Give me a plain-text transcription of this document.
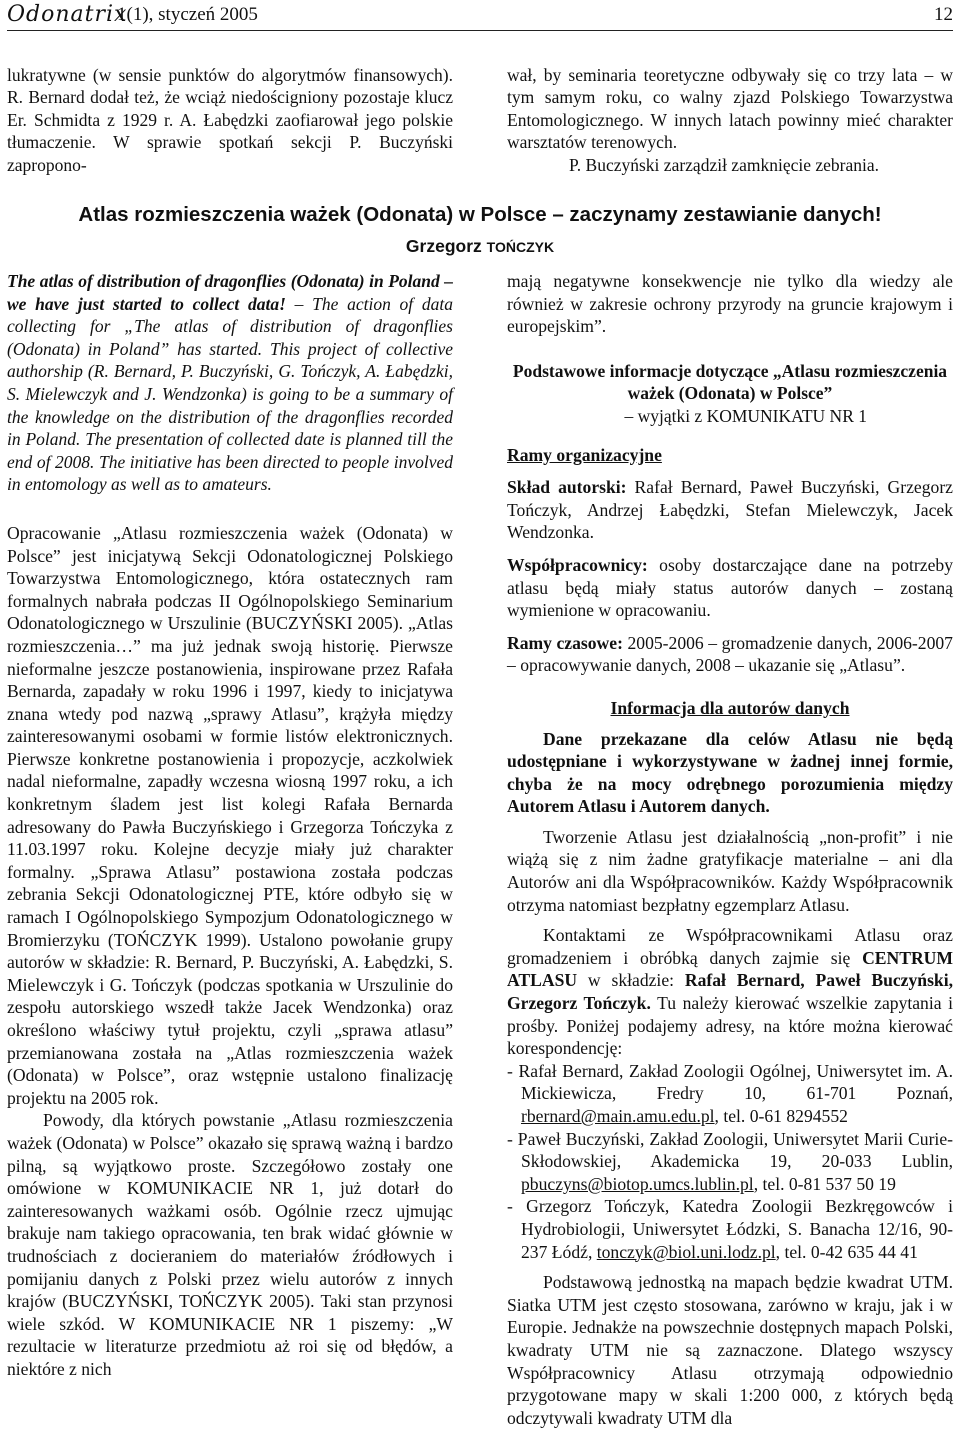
Odonatrix
1(1), styczeń 2005	12

lukratywne (w sensie punktów do algorytmów finansowych). R. Bernard dodał też, że wciąż niedościgniony pozostaje klucz Er. Schmidta z 1929 r. A. Łabędzki zaofiarował jego polskie tłumaczenie. W sprawie spotkań sekcji P. Buczyński zapropono-

wał, by seminaria teoretyczne odbywały się co trzy lata – w tym samym roku, co walny zjazd Polskiego Towarzystwa Entomologicznego. W innych latach powinny mieć charakter warsztatów terenowych.

P. Buczyński zarządził zamknięcie zebrania.

Atlas rozmieszczenia ważek (Odonata) w Polsce – zaczynamy zestawianie danych!
Grzegorz TOŃCZYK

The atlas of distribution of dragonflies (Odonata) in Poland – we have just started to collect data! – The action of data collecting for „The atlas of distribution of dragonflies (Odonata) in Poland” has started. This project of collective authorship (R. Bernard, P. Buczyński, G. Tończyk, A. Łabędzki, S. Mielewczyk and J. Wendzonka) is going to be a summary of the knowledge on the distribution of the dragonflies recorded in Poland. The presentation of collected date is planned till the end of 2008. The initiative has been directed to people involved in entomology as well as to amateurs.

Opracowanie „Atlasu rozmieszczenia ważek (Odonata) w Polsce” jest inicjatywą Sekcji Odonatologicznej Polskiego Towarzystwa Entomologicznego, która ostatecznych ram formalnych nabrała podczas II Ogólnopolskiego Seminarium Odonatologicznego w Urszulinie (BUCZYŃSKI 2005). „Atlas rozmieszczenia…” ma już jednak swoją historię. Pierwsze nieformalne jeszcze postanowienia, inspirowane przez Rafała Bernarda, zapadały w roku 1996 i 1997, kiedy to inicjatywa znana wtedy pod nazwą „sprawy Atlasu”, krążyła między zainteresowanymi osobami w formie listów elektronicznych. Pierwsze konkretne postanowienia i propozycje, aczkolwiek nadal nieformalne, zapadły wczesna wiosną 1997 roku, a ich konkretnym śladem jest list kolegi Rafała Bernarda adresowany do Pawła Buczyńskiego i Grzegorza Tończyka z 11.03.1997 roku. Kolejne decyzje miały już charakter formalny. „Sprawa Atlasu” postawiona została podczas zebrania Sekcji Odonatologicznej PTE, które odbyło się w ramach I Ogólnopolskiego Sympozjum Odonatologicznego w Bromierzyku (TOŃCZYK 1999). Ustalono powołanie grupy autorów w składzie: R. Bernard, P. Buczyński, A. Łabędzki, S. Mielewczyk i G. Tończyk (podczas spotkania w Urszulinie do zespołu autorskiego wszedł także Jacek Wendzonka) oraz określono właściwy tytuł projektu, czyli „sprawa atlasu” przemianowana została na „Atlas rozmieszczenia ważek (Odonata) w Polsce”, oraz wstępnie ustalono finalizację projektu na 2005 rok.

Powody, dla których powstanie „Atlasu rozmieszczenia ważek (Odonata) w Polsce” okazało się sprawą ważną i bardzo pilną, są wyjątkowo proste. Szczegółowo zostały one omówione w KOMUNIKACIE NR 1, już dotarł do zainteresowanych ważkami osób. Ogólnie rzecz ujmując brakuje nam takiego opracowania, ten brak widać głównie w trudnościach z docieraniem do materiałów źródłowych i pomijaniu danych z Polski przez wielu autorów z innych krajów (BUCZYŃSKI, TOŃCZYK 2005). Taki stan przynosi wiele szkód. W KOMUNIKACIE NR 1 piszemy: „W rezultacie w literaturze przedmiotu aż roi się od błędów, a niektóre z nich

mają negatywne konsekwencje nie tylko dla wiedzy ale również w zakresie ochrony przyrody na gruncie krajowym i europejskim”.

Podstawowe informacje dotyczące „Atlasu rozmieszczenia ważek (Odonata) w Polsce”

– wyjątki z KOMUNIKATU NR 1

Ramy organizacyjne

Skład autorski: Rafał Bernard, Paweł Buczyński, Grzegorz Tończyk, Andrzej Łabędzki, Stefan Mielewczyk, Jacek Wendzonka.

Współpracownicy: osoby dostarczające dane na potrzeby atlasu będą miały status autorów danych – zostaną wymienione w opracowaniu.

Ramy czasowe: 2005-2006 – gromadzenie danych, 2006-2007 – opracowywanie danych, 2008 – ukazanie się „Atlasu”.

Informacja dla autorów danych

Dane przekazane dla celów Atlasu nie będą udostępniane i wykorzystywane w żadnej innej formie, chyba że na mocy odrębnego porozumienia między Autorem Atlasu i Autorem danych.

Tworzenie Atlasu jest działalnością „non-profit” i nie wiążą się z nim żadne gratyfikacje materialne – ani dla Autorów ani dla Współpracowników. Każdy Współpracownik otrzyma natomiast bezpłatny egzemplarz Atlasu.

Kontaktami ze Współpracownikami Atlasu oraz gromadzeniem i obróbką danych zajmie się CENTRUM ATLASU w składzie: Rafał Bernard, Paweł Buczyński, Grzegorz Tończyk. Tu należy kierować wszelkie zapytania i prośby. Poniżej podajemy adresy, na które można kierować korespondencję:

- Rafał Bernard, Zakład Zoologii Ogólnej, Uniwersytet im. A. Mickiewicza, Fredry 10, 61-701 Poznań, rbernard@main.amu.edu.pl, tel. 0-61 8294552

- Paweł Buczyński, Zakład Zoologii, Uniwersytet Marii Curie-Skłodowskiej, Akademicka 19, 20-033 Lublin, pbuczyns@biotop.umcs.lublin.pl, tel. 0-81 537 50 19

- Grzegorz Tończyk, Katedra Zoologii Bezkręgowców i Hydrobiologii, Uniwersytet Łódzki, S. Banacha 12/16, 90-237 Łódź, tonczyk@biol.uni.lodz.pl, tel. 0-42 635 44 41

Podstawową jednostką na mapach będzie kwadrat UTM. Siatka UTM jest często stosowana, zarówno w kraju, jak i w Europie. Jednakże na powszechnie dostępnych mapach Polski, kwadraty UTM nie są zaznaczone. Dlatego wszyscy Współpracownicy Atlasu otrzymają odpowiednio przygotowane mapy w skali 1:200 000, z których będą odczytywali kwadraty UTM dla
